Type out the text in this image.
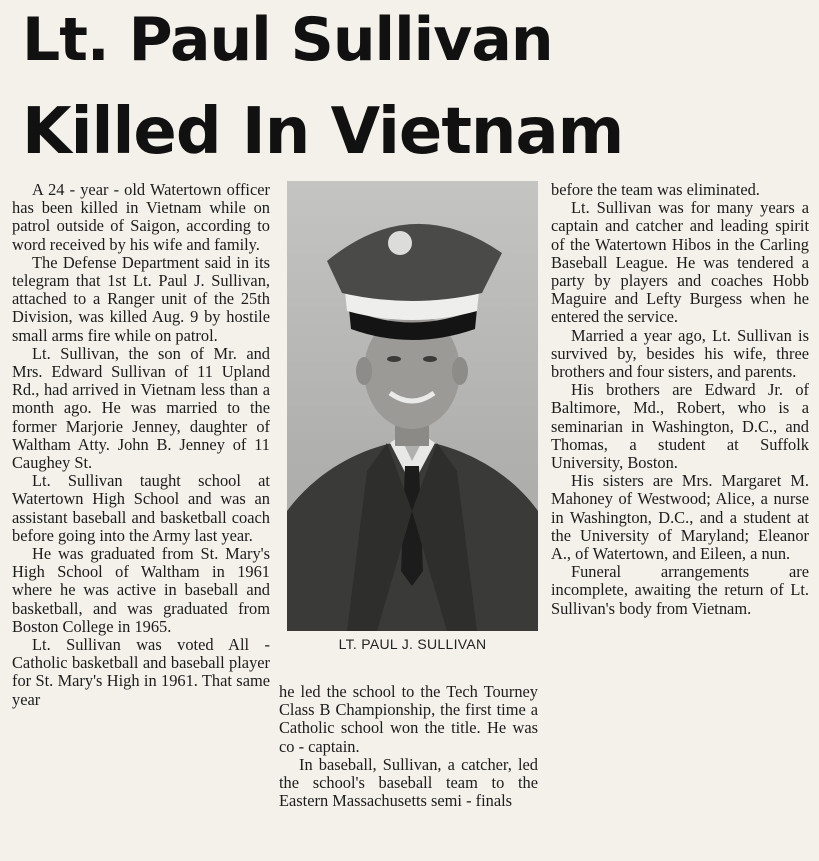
Lt. Paul Sullivan
Killed In Vietnam

A 24 - year - old Watertown officer has been killed in Vietnam while on patrol outside of Saigon, according to word received by his wife and family.

The Defense Department said in its telegram that 1st Lt. Paul J. Sullivan, attached to a Ranger unit of the 25th Division, was killed Aug. 9 by hostile small arms fire while on patrol.

Lt. Sullivan, the son of Mr. and Mrs. Edward Sullivan of 11 Upland Rd., had arrived in Vietnam less than a month ago. He was married to the former Marjorie Jenney, daughter of Waltham Atty. John B. Jenney of 11 Caughey St.

Lt. Sullivan taught school at Watertown High School and was an assistant baseball and basketball coach before going into the Army last year.

He was graduated from St. Mary's High School of Waltham in 1961 where he was active in baseball and basketball, and was graduated from Boston College in 1965.

Lt. Sullivan was voted All - Catholic basketball and baseball player for St. Mary's High in 1961. That same year

LT. PAUL J. SULLIVAN

he led the school to the Tech Tourney Class B Championship, the first time a Catholic school won the title. He was co - captain.

In baseball, Sullivan, a catcher, led the school's baseball team to the Eastern Massachusetts semi - finals

before the team was eliminated.

Lt. Sullivan was for many years a captain and catcher and leading spirit of the Watertown Hibos in the Carling Baseball League. He was tendered a party by players and coaches Hobb Maguire and Lefty Burgess when he entered the service.

Married a year ago, Lt. Sullivan is survived by, besides his wife, three brothers and four sisters, and parents.

His brothers are Edward Jr. of Baltimore, Md., Robert, who is a seminarian in Washington, D.C., and Thomas, a student at Suffolk University, Boston.

His sisters are Mrs. Margaret M. Mahoney of Westwood; Alice, a nurse in Washington, D.C., and a student at the University of Maryland; Eleanor A., of Watertown, and Eileen, a nun.

Funeral arrangements are incomplete, awaiting the return of Lt. Sullivan's body from Vietnam.
